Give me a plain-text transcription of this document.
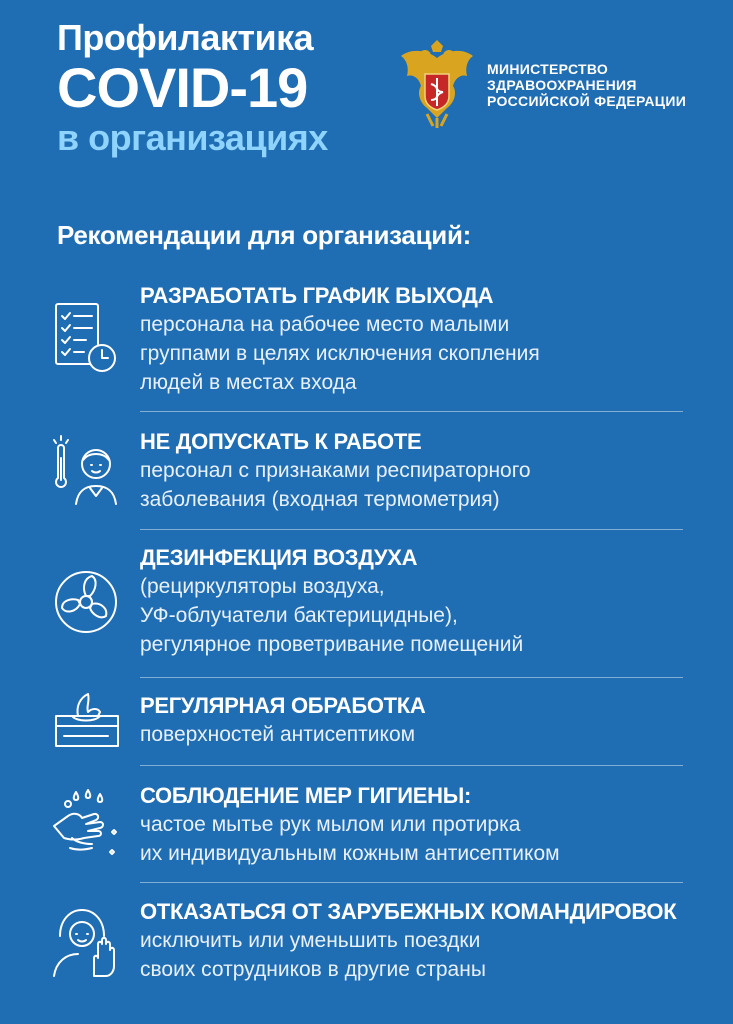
Профилактика
COVID-19
в организациях
МИНИСТЕРСТВО
ЗДРАВООХРАНЕНИЯ
РОССИЙСКОЙ ФЕДЕРАЦИИ
Рекомендации для организаций:
РАЗРАБОТАТЬ ГРАФИК ВЫХОДА
персонала на рабочее место малыми
группами в целях исключения скопления
людей в местах входа
НЕ ДОПУСКАТЬ К РАБОТЕ
персонал с признаками респираторного
заболевания (входная термометрия)
ДЕЗИНФЕКЦИЯ ВОЗДУХА
(рециркуляторы воздуха,
УФ-облучатели бактерицидные),
регулярное проветривание помещений
РЕГУЛЯРНАЯ ОБРАБОТКА
поверхностей антисептиком
СОБЛЮДЕНИЕ МЕР ГИГИЕНЫ:
частое мытье рук мылом или протирка
их индивидуальным кожным антисептиком
ОТКАЗАТЬСЯ ОТ ЗАРУБЕЖНЫХ КОМАНДИРОВОК
исключить или уменьшить поездки
своих сотрудников в другие страны
